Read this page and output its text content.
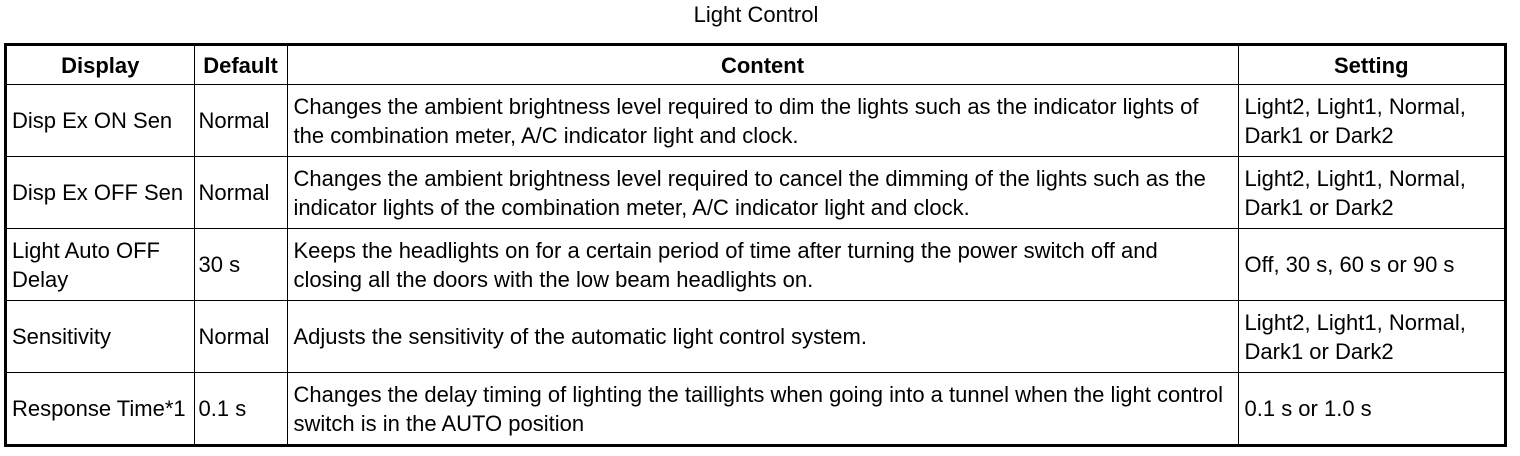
Light Control
Display	Default	Content	Setting
Disp Ex ON Sen	Normal	Changes the ambient brightness level required to dim the lights such as the indicator lights of the combination meter, A/C indicator light and clock.	Light2, Light1, Normal, Dark1 or Dark2
Disp Ex OFF Sen	Normal	Changes the ambient brightness level required to cancel the dimming of the lights such as the indicator lights of the combination meter, A/C indicator light and clock.	Light2, Light1, Normal, Dark1 or Dark2
Light Auto OFF Delay	30 s	Keeps the headlights on for a certain period of time after turning the power switch off and closing all the doors with the low beam headlights on.	Off, 30 s, 60 s or 90 s
Sensitivity	Normal	Adjusts the sensitivity of the automatic light control system.	Light2, Light1, Normal, Dark1 or Dark2
Response Time*1	0.1 s	Changes the delay timing of lighting the taillights when going into a tunnel when the light control switch is in the AUTO position	0.1 s or 1.0 s
